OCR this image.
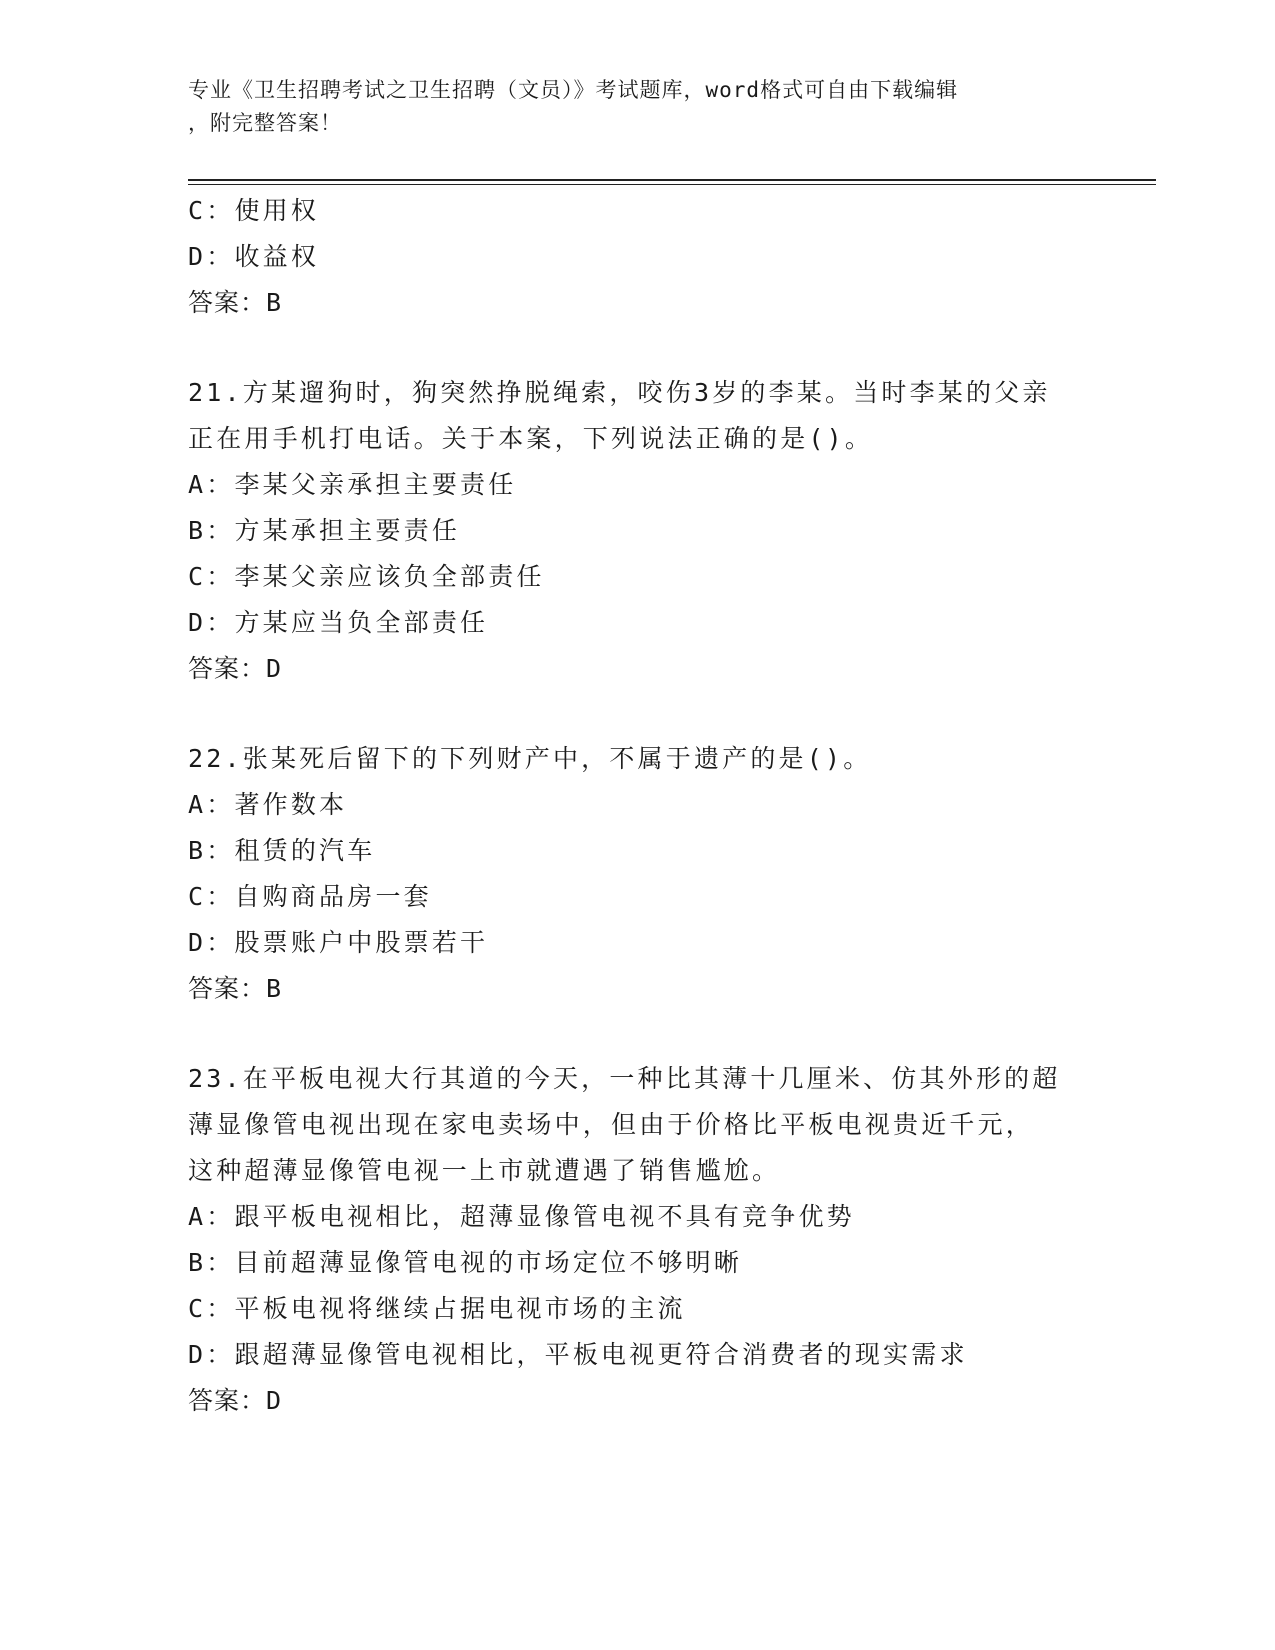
专业《卫生招聘考试之卫生招聘（文员）》考试题库，word格式可自由下载编辑
，附完整答案！
C：使用权
D：收益权
答案：B
21.方某遛狗时，狗突然挣脱绳索，咬伤3岁的李某。当时李某的父亲
正在用手机打电话。关于本案，下列说法正确的是()。
A：李某父亲承担主要责任
B：方某承担主要责任
C：李某父亲应该负全部责任
D：方某应当负全部责任
答案：D
22.张某死后留下的下列财产中，不属于遗产的是()。
A：著作数本
B：租赁的汽车
C：自购商品房一套
D：股票账户中股票若干
答案：B
23.在平板电视大行其道的今天，一种比其薄十几厘米、仿其外形的超
薄显像管电视出现在家电卖场中，但由于价格比平板电视贵近千元，
这种超薄显像管电视一上市就遭遇了销售尴尬。
A：跟平板电视相比，超薄显像管电视不具有竞争优势
B：目前超薄显像管电视的市场定位不够明晰
C：平板电视将继续占据电视市场的主流
D：跟超薄显像管电视相比，平板电视更符合消费者的现实需求
答案：D
